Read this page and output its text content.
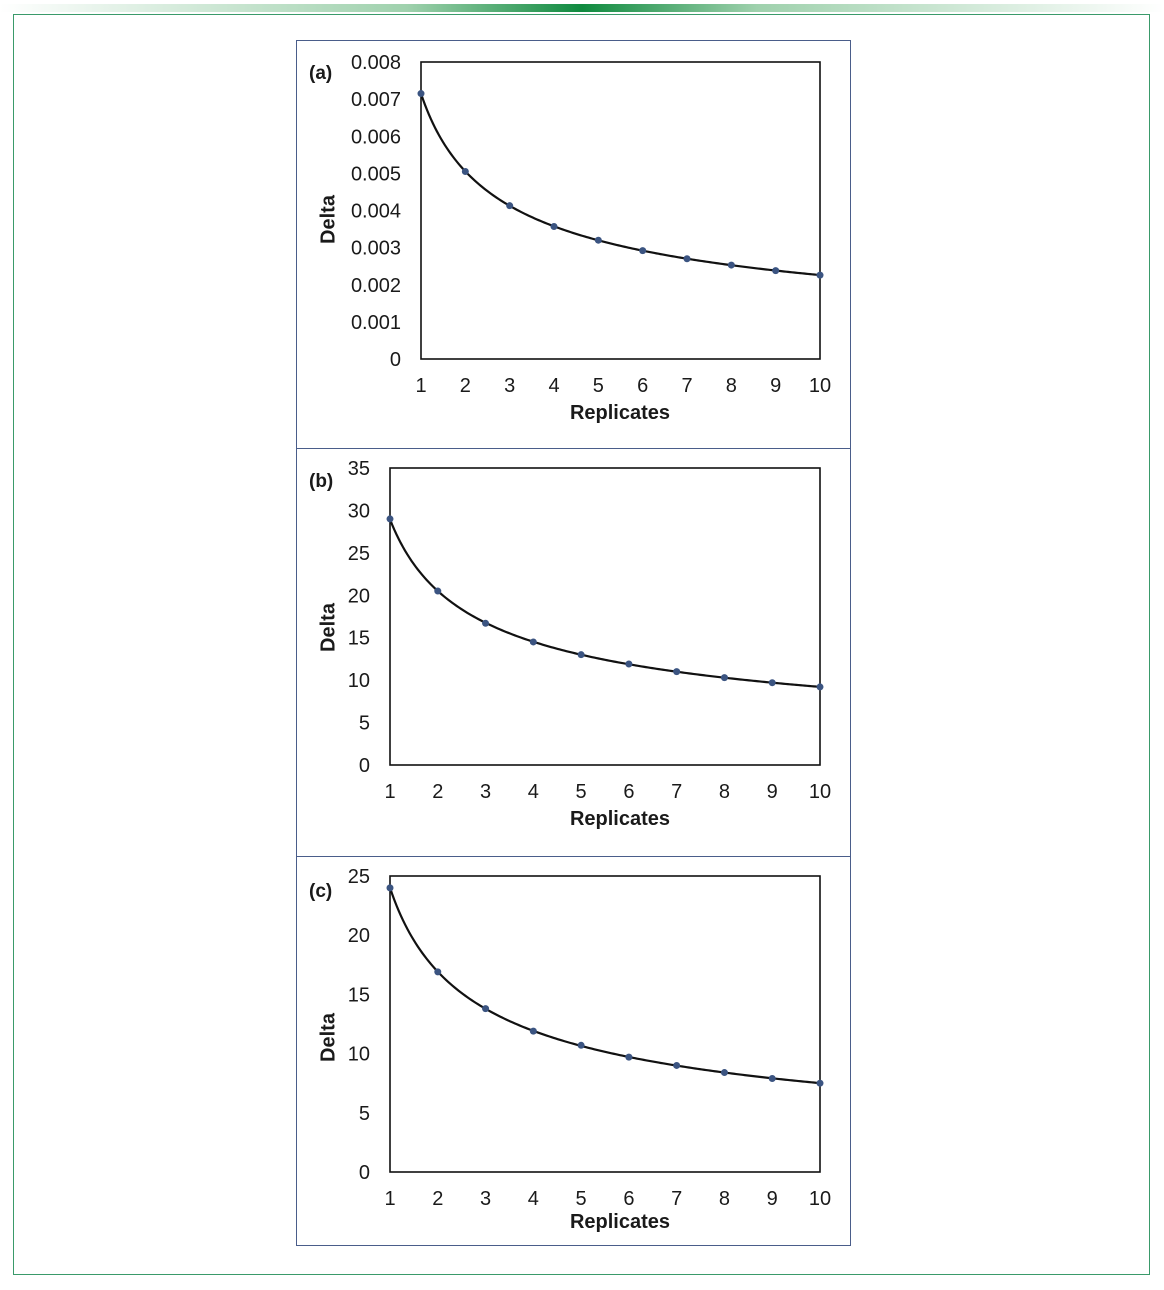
(a)
Delta
Replicates
(b)
Delta
Replicates
(c)
Delta
Replicates
0
0.001
0.002
0.003
0.004
0.005
0.006
0.007
0.008
1 2 3 4 5 6 7 8 9 10
0
5
10
15
20
25
30
35
1 2 3 4 5 6 7 8 9 10
0
5
10
15
20
25
1 2 3 4 5 6 7 8 9 10
